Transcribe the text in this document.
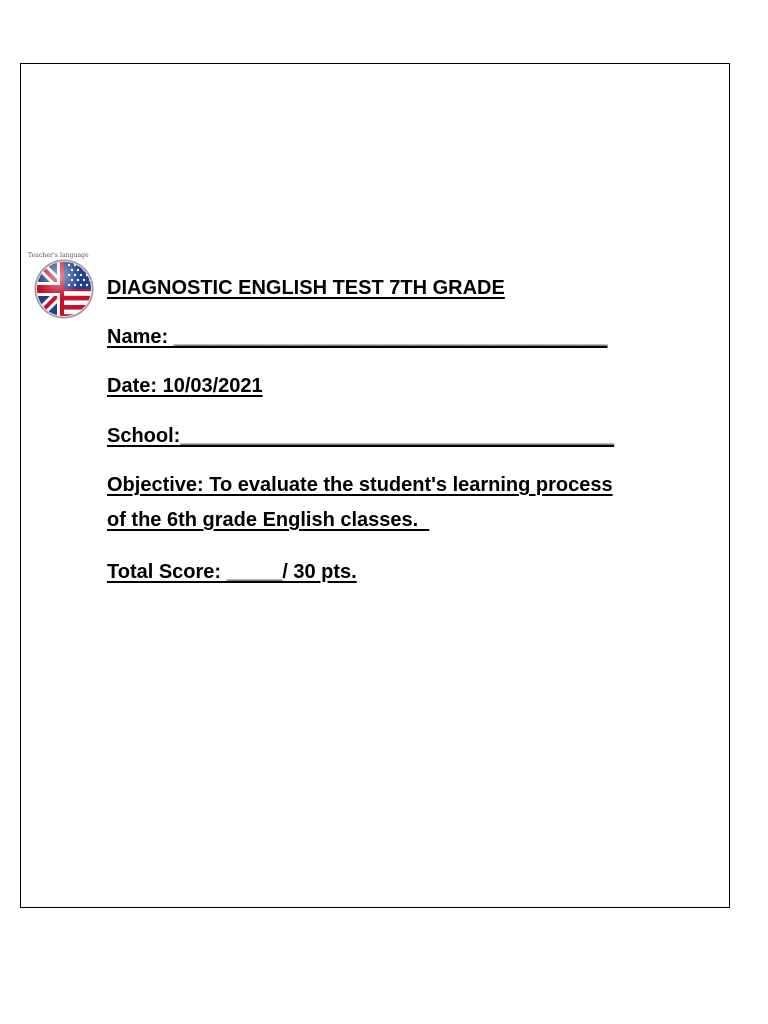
Teacher's language
DIAGNOSTIC ENGLISH TEST 7TH GRADE
Name: _______________________________________
Date: 10/03/2021
School:_______________________________________
Objective: To evaluate the student's learning process
of the 6th grade English classes.
Total Score: _____/ 30 pts.
